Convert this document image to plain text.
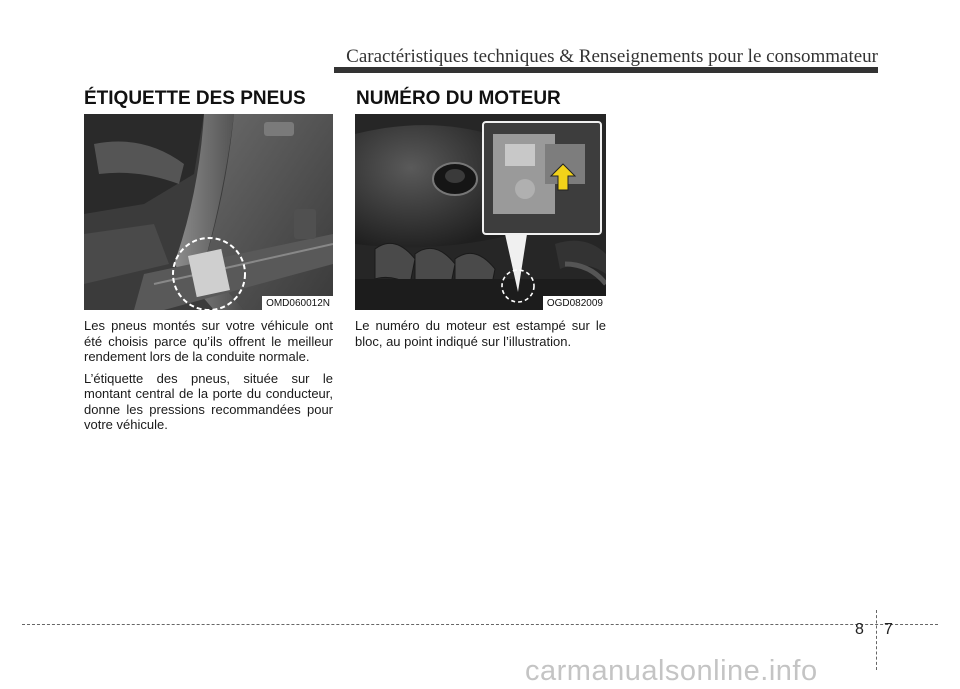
Caractéristiques techniques & Renseignements pour le consommateur
ÉTIQUETTE DES PNEUS
OMD060012N

Les pneus montés sur votre véhicule ont été choisis parce qu’ils offrent le meilleur rendement lors de la conduite normale.

L’étiquette des pneus, située sur le montant central de la porte du conducteur, donne les pressions recommandées pour votre véhicule.

NUMÉRO DU MOTEUR
OGD082009

Le numéro du moteur est estampé sur le bloc, au point indiqué sur l’illustration.

8 7
carmanualsonline.info
